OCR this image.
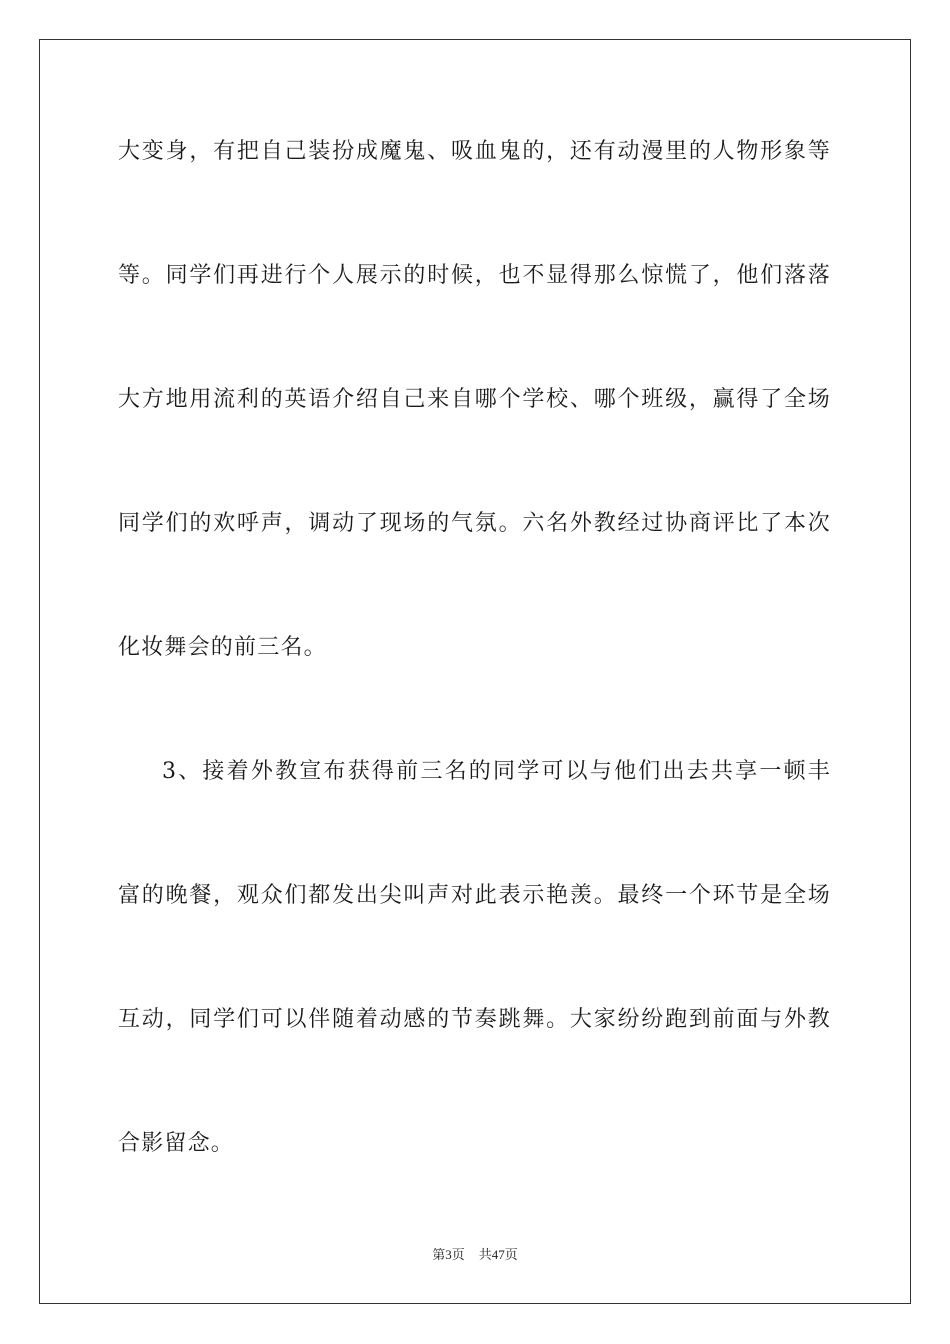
大变身，有把自己装扮成魔鬼、吸血鬼的，还有动漫里的人物形象等
等。同学们再进行个人展示的时候，也不显得那么惊慌了，他们落落
大方地用流利的英语介绍自己来自哪个学校、哪个班级，赢得了全场
同学们的欢呼声，调动了现场的气氛。六名外教经过协商评比了本次
化妆舞会的前三名。
3、接着外教宣布获得前三名的同学可以与他们出去共享一顿丰
富的晚餐，观众们都发出尖叫声对此表示艳羡。最终一个环节是全场
互动，同学们可以伴随着动感的节奏跳舞。大家纷纷跑到前面与外教
合影留念。
第3页 共47页
